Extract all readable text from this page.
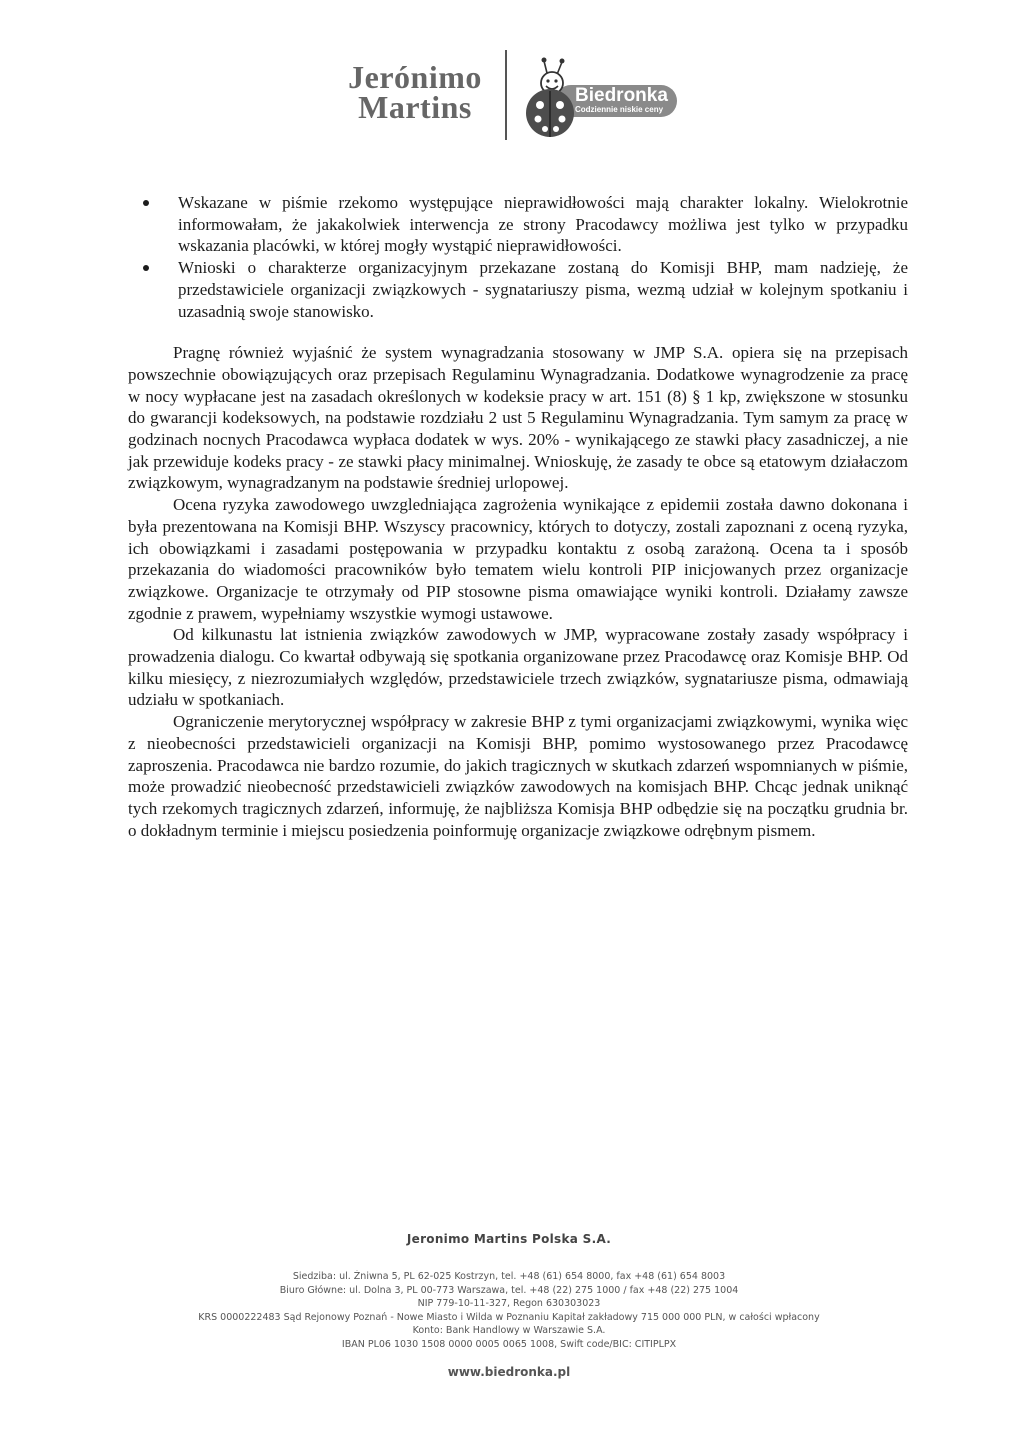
Jerónimo
Martins	Biedronka
Codziennie niskie ceny
Wskazane w piśmie rzekomo występujące nieprawidłowości mają charakter lokalny. Wielokrotnie informowałam, że jakakolwiek interwencja ze strony Pracodawcy możliwa jest tylko w przypadku wskazania placówki, w której mogły wystąpić nieprawidłowości.
Wnioski o charakterze organizacyjnym przekazane zostaną do Komisji BHP, mam nadzieję, że przedstawiciele organizacji związkowych - sygnatariuszy pisma, wezmą udział w kolejnym spotkaniu i uzasadnią swoje stanowisko.

Pragnę również wyjaśnić że system wynagradzania stosowany w JMP S.A. opiera się na przepisach powszechnie obowiązujących oraz przepisach Regulaminu Wynagradzania. Dodatkowe wynagrodzenie za pracę w nocy wypłacane jest na zasadach określonych w kodeksie pracy w art. 151 (8) § 1 kp, zwiększone w stosunku do gwarancji kodeksowych, na podstawie rozdziału 2 ust 5 Regulaminu Wynagradzania. Tym samym za pracę w godzinach nocnych Pracodawca wypłaca dodatek w wys. 20% - wynikającego ze stawki płacy zasadniczej, a nie jak przewiduje kodeks pracy - ze stawki płacy minimalnej. Wnioskuję, że zasady te obce są etatowym działaczom związkowym, wynagradzanym na podstawie średniej urlopowej.

Ocena ryzyka zawodowego uwzgledniająca zagrożenia wynikające z epidemii została dawno dokonana i była prezentowana na Komisji BHP. Wszyscy pracownicy, których to dotyczy, zostali zapoznani z oceną ryzyka, ich obowiązkami i zasadami postępowania w przypadku kontaktu z osobą zarażoną. Ocena ta i sposób przekazania do wiadomości pracowników było tematem wielu kontroli PIP inicjowanych przez organizacje związkowe. Organizacje te otrzymały od PIP stosowne pisma omawiające wyniki kontroli. Działamy zawsze zgodnie z prawem, wypełniamy wszystkie wymogi ustawowe.

Od kilkunastu lat istnienia związków zawodowych w JMP, wypracowane zostały zasady współpracy i prowadzenia dialogu. Co kwartał odbywają się spotkania organizowane przez Pracodawcę oraz Komisje BHP. Od kilku miesięcy, z niezrozumiałych względów, przedstawiciele trzech związków, sygnatariusze pisma, odmawiają udziału w spotkaniach.

Ograniczenie merytorycznej współpracy w zakresie BHP z tymi organizacjami związkowymi, wynika więc z nieobecności przedstawicieli organizacji na Komisji BHP, pomimo wystosowanego przez Pracodawcę zaproszenia. Pracodawca nie bardzo rozumie, do jakich tragicznych w skutkach zdarzeń wspomnianych w piśmie, może prowadzić nieobecność przedstawicieli związków zawodowych na komisjach BHP. Chcąc jednak uniknąć tych rzekomych tragicznych zdarzeń, informuję, że najbliższa Komisja BHP odbędzie się na początku grudnia br. o dokładnym terminie i miejscu posiedzenia poinformuję organizacje związkowe odrębnym pismem.

Jeronimo Martins Polska S.A.

Siedziba: ul. Żniwna 5, PL 62-025 Kostrzyn, tel. +48 (61) 654 8000, fax +48 (61) 654 8003

Biuro Główne: ul. Dolna 3, PL 00-773 Warszawa, tel. +48 (22) 275 1000 / fax +48 (22) 275 1004

NIP 779-10-11-327, Regon 630303023

KRS 0000222483 Sąd Rejonowy Poznań - Nowe Miasto i Wilda w Poznaniu Kapitał zakładowy 715 000 000 PLN, w całości wpłacony

Konto: Bank Handlowy w Warszawie S.A.

IBAN PL06 1030 1508 0000 0005 0065 1008, Swift code/BIC: CITIPLPX

www.biedronka.pl
